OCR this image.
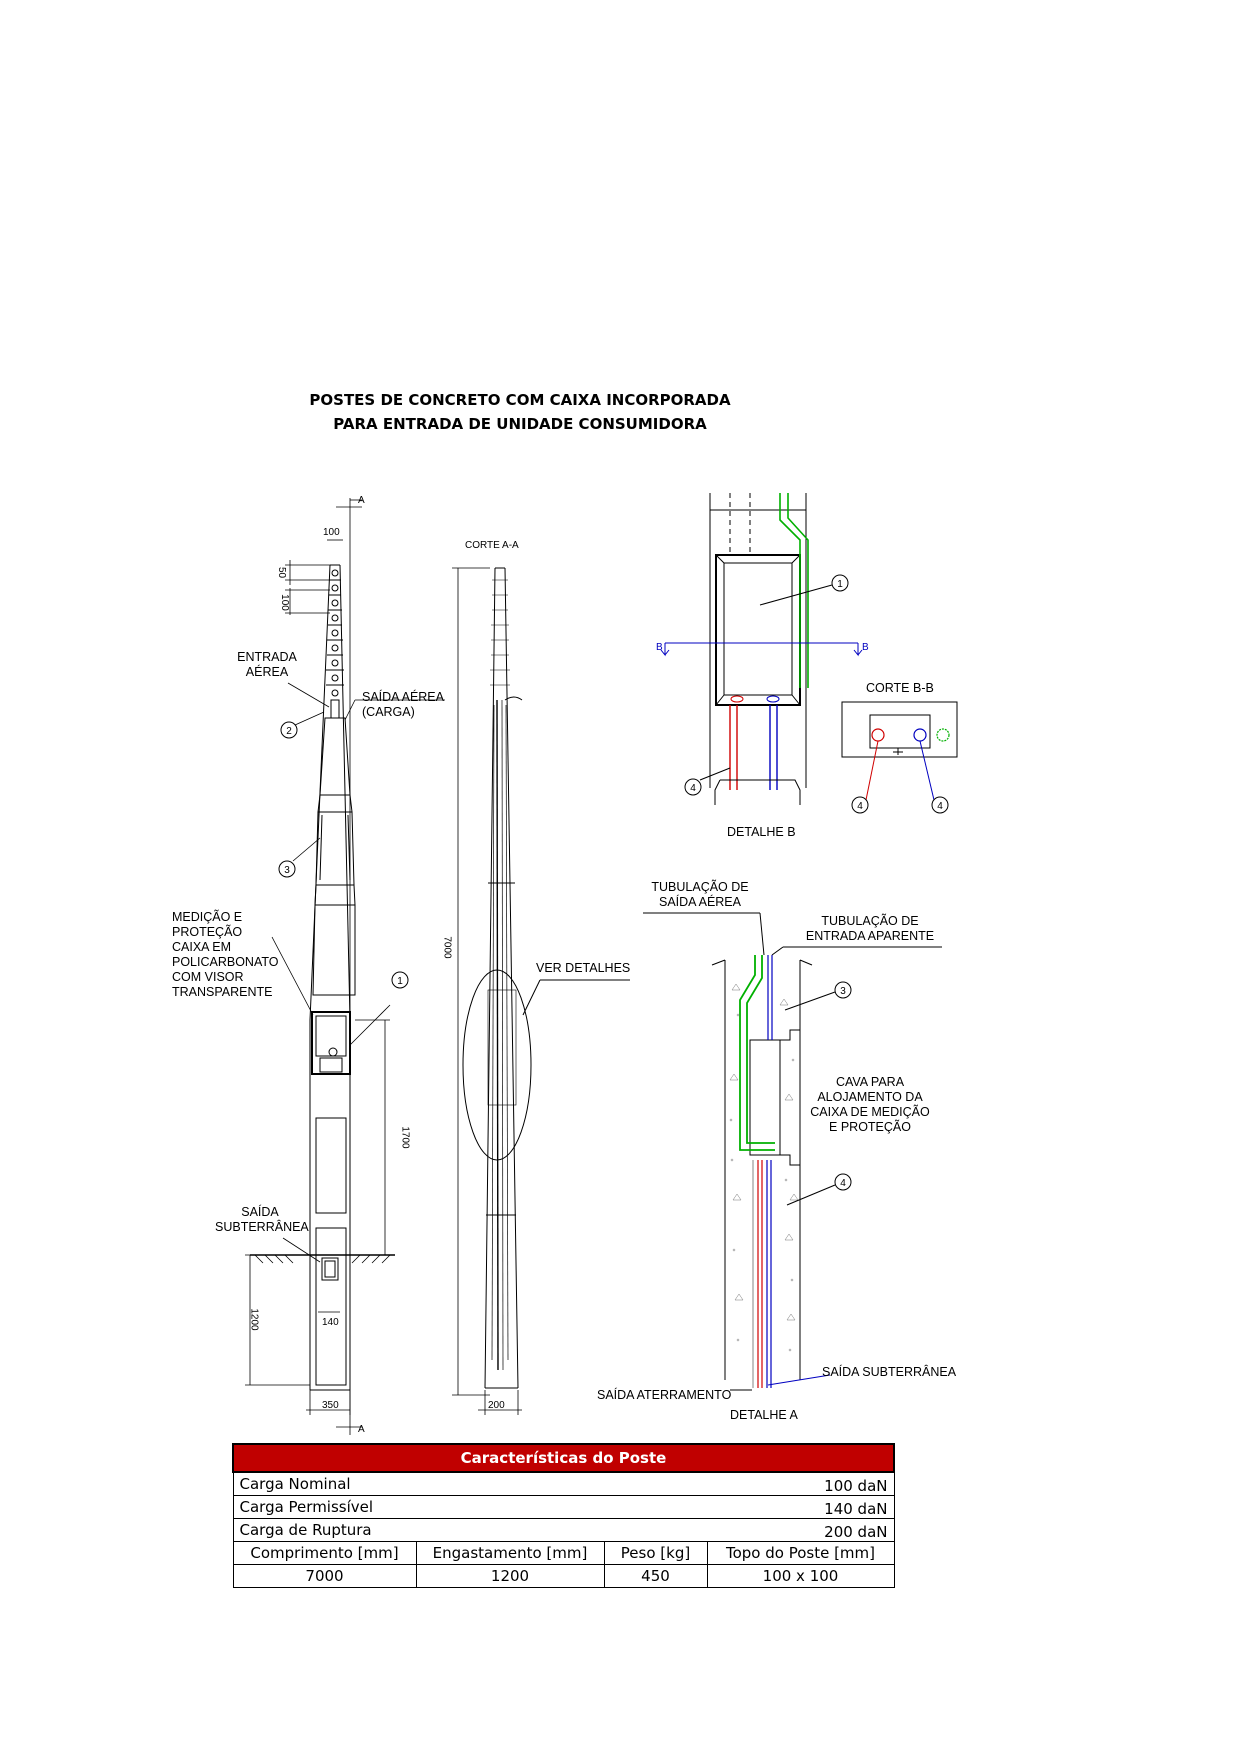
POSTES DE CONCRETO COM CAIXA INCORPORADA
PARA ENTRADA DE UNIDADE CONSUMIDORA
A
A
100
50
100
ENTRADA
AÉREA
SAÍDA AÉREA
(CARGA)
2
3
1
MEDIÇÃO E
PROTEÇÃO
CAIXA EM
POLICARBONATO
COM VISOR
TRANSPARENTE
SAÍDA
SUBTERRÂNEA
1700
1200	140
350
CORTE A-A
7000
200
VER DETALHES
B	B
1
4
4	4
CORTE B-B
DETALHE B
TUBULAÇÃO DE
SAÍDA AÉREA
TUBULAÇÃO DE
ENTRADA APARENTE
3
4
CAVA PARA
ALOJAMENTO DA
CAIXA DE MEDIÇÃO
E PROTEÇÃO
SAÍDA SUBTERRÂNEA
SAÍDA ATERRAMENTO
DETALHE A
Características do Poste			
Carga Nominal			100 daN
Carga Permissível			140 daN
Carga de Ruptura			200 daN
Comprimento [mm]	Engastamento [mm]	Peso [kg]	Topo do Poste [mm]
7000	1200	450	100 x 100
